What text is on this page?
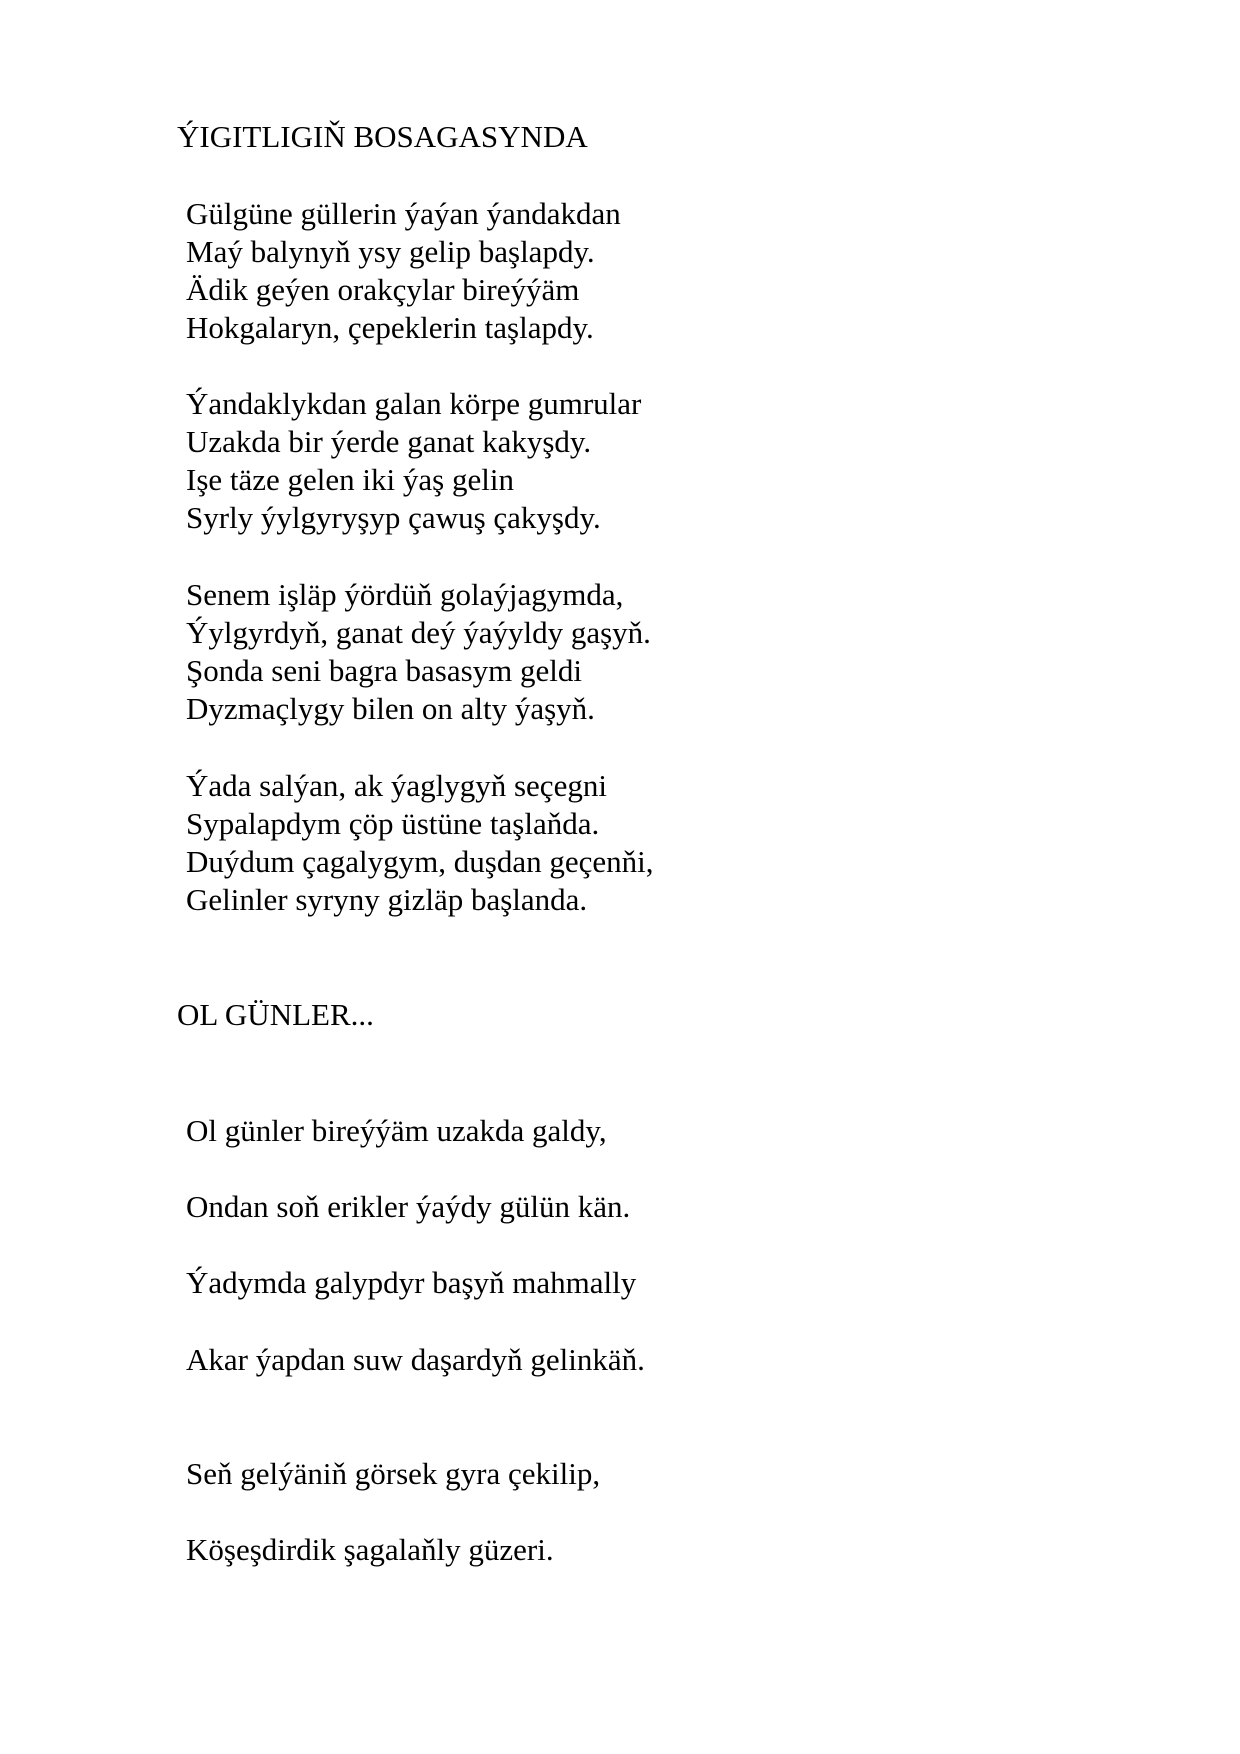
ÝIGITLIGIŇ BOSAGASYNDA

Gülgüne güllerin ýaýan ýandakdan

Maý balynyň ysy gelip başlapdy.

Ädik geýen orakçylar bireýýäm

Hokgalaryn, çepeklerin taşlapdy.

Ýandaklykdan galan körpe gumrular

Uzakda bir ýerde ganat kakyşdy.

Işe täze gelen iki ýaş gelin

Syrly ýylgyryşyp çawuş çakyşdy.

Senem işläp ýördüň golaýjagymda,

Ýylgyrdyň, ganat deý ýaýyldy gaşyň.

Şonda seni bagra basasym geldi

Dyzmaçlygy bilen on alty ýaşyň.

Ýada salýan, ak ýaglygyň seçegni

Sypalapdym çöp üstüne taşlaňda.

Duýdum çagalygym, duşdan geçenňi,

Gelinler syryny gizläp başlanda.

OL GÜNLER...

Ol günler bireýýäm uzakda galdy,

Ondan soň erikler ýaýdy gülün kän.

Ýadymda galypdyr başyň mahmally

Akar ýapdan suw daşardyň gelinkäň.

Seň gelýäniň görsek gyra çekilip,

Köşeşdirdik şagalaňly güzeri.
